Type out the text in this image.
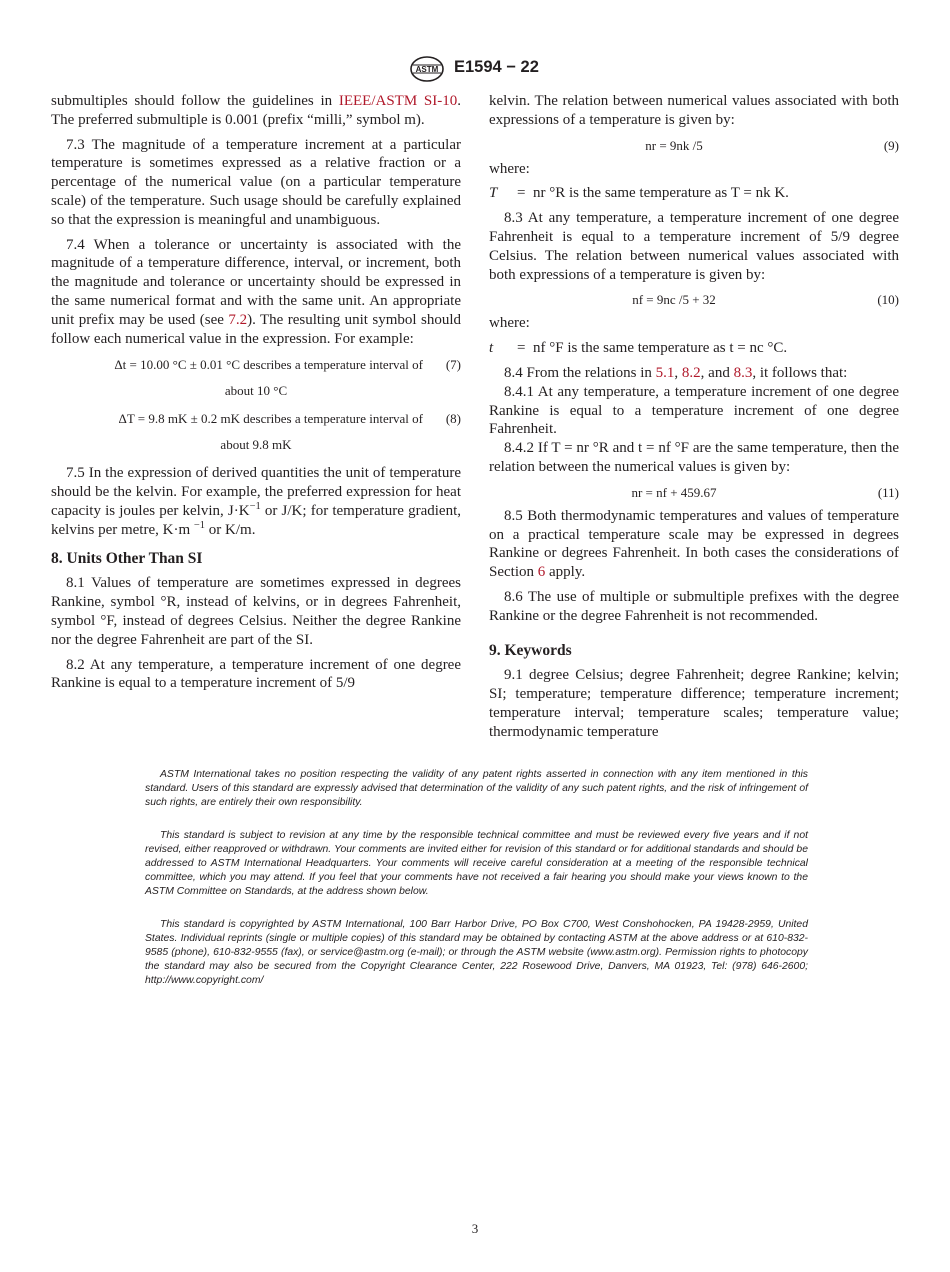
ASTM E1594 − 22

submultiples should follow the guidelines in IEEE/ASTM SI-10. The preferred submultiple is 0.001 (prefix “milli,” symbol m).

7.3 The magnitude of a temperature increment at a particular temperature is sometimes expressed as a relative fraction or a percentage of the numerical value (on a particular temperature scale) of the temperature. Such usage should be carefully explained so that the expression is meaningful and unambiguous.

7.4 When a tolerance or uncertainty is associated with the magnitude of a temperature difference, interval, or increment, both the magnitude and tolerance or uncertainty should be expressed in the same numerical format and with the same unit. An appropriate unit prefix may be used (see 7.2). The resulting unit symbol should follow each numerical value in the expression. For example:

Δt = 10.00 °C ± 0.01 °C describes a temperature interval of (7)
about 10 °C
ΔT = 9.8 mK ± 0.2 mK describes a temperature interval of (8)
about 9.8 mK

7.5 In the expression of derived quantities the unit of temperature should be the kelvin. For example, the preferred expression for heat capacity is joules per kelvin, $J\cdot K^{-1}$ or J/K; for temperature gradient, kelvins per metre, K·m $^{-1}$ or K/m.

8. Units Other Than SI

8.1 Values of temperature are sometimes expressed in degrees Rankine, symbol °R, instead of kelvins, or in degrees Fahrenheit, symbol °F, instead of degrees Celsius. Neither the degree Rankine nor the degree Fahrenheit are part of the SI.

8.2 At any temperature, a temperature increment of one degree Rankine is equal to a temperature increment of 5/9

kelvin. The relation between numerical values associated with both expressions of a temperature is given by:

nr = 9nk /5	(9)

where:

T	= nr °R is the same temperature as T = nk K.

8.3 At any temperature, a temperature increment of one degree Fahrenheit is equal to a temperature increment of 5/9 degree Celsius. The relation between numerical values associated with both expressions of a temperature is given by:

nf = 9nc /5 + 32	(10)

where:

t	= nf °F is the same temperature as t = nc °C.

8.4 From the relations in 5.1, 8.2, and 8.3, it follows that:

8.4.1 At any temperature, a temperature increment of one degree Rankine is equal to a temperature increment of one degree Fahrenheit.

8.4.2 If T = nr °R and t = nf °F are the same temperature, then the relation between the numerical values is given by:

nr = nf + 459.67	(11)

8.5 Both thermodynamic temperatures and values of temperature on a practical temperature scale may be expressed in degrees Rankine or degrees Fahrenheit. In both cases the considerations of Section 6 apply.

8.6 The use of multiple or submultiple prefixes with the degree Rankine or the degree Fahrenheit is not recommended.

9. Keywords

9.1 degree Celsius; degree Fahrenheit; degree Rankine; kelvin; SI; temperature; temperature difference; temperature increment; temperature interval; temperature scales; temperature value; thermodynamic temperature

ASTM International takes no position respecting the validity of any patent rights asserted in connection with any item mentioned in this standard. Users of this standard are expressly advised that determination of the validity of any such patent rights, and the risk of infringement of such rights, are entirely their own responsibility.

This standard is subject to revision at any time by the responsible technical committee and must be reviewed every five years and if not revised, either reapproved or withdrawn. Your comments are invited either for revision of this standard or for additional standards and should be addressed to ASTM International Headquarters. Your comments will receive careful consideration at a meeting of the responsible technical committee, which you may attend. If you feel that your comments have not received a fair hearing you should make your views known to the ASTM Committee on Standards, at the address shown below.

This standard is copyrighted by ASTM International, 100 Barr Harbor Drive, PO Box C700, West Conshohocken, PA 19428-2959, United States. Individual reprints (single or multiple copies) of this standard may be obtained by contacting ASTM at the above address or at 610-832-9585 (phone), 610-832-9555 (fax), or service@astm.org (e-mail); or through the ASTM website (www.astm.org). Permission rights to photocopy the standard may also be secured from the Copyright Clearance Center, 222 Rosewood Drive, Danvers, MA 01923, Tel: (978) 646-2600; http://www.copyright.com/

3
